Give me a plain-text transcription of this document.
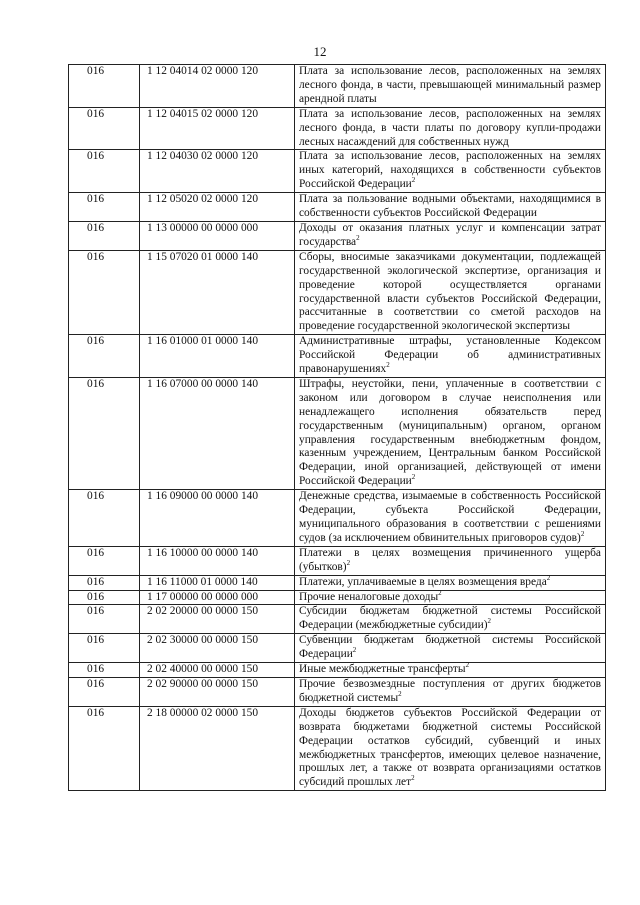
12
016	1 12 04014 02 0000 120	Плата за использование лесов, расположенных на землях лесного фонда, в части, превышающей минимальный размер арендной платы
016	1 12 04015 02 0000 120	Плата за использование лесов, расположенных на землях лесного фонда, в части платы по договору купли-продажи лесных насаждений для собственных нужд
016	1 12 04030 02 0000 120	Плата за использование лесов, расположенных на землях иных категорий, находящихся в собственности субъектов Российской Федерации$^2$
016	1 12 05020 02 0000 120	Плата за пользование водными объектами, находящимися в собственности субъектов Российской Федерации
016	1 13 00000 00 0000 000	Доходы от оказания платных услуг и компенсации затрат государства$^2$
016	1 15 07020 01 0000 140	Сборы, вносимые заказчиками документации, подлежащей государственной экологической экспертизе, организация и проведение которой осуществляется органами государственной власти субъектов Российской Федерации, рассчитанные в соответствии со сметой расходов на проведение государственной экологической экспертизы
016	1 16 01000 01 0000 140	Административные штрафы, установленные Кодексом Российской Федерации об административных правонарушениях$^2$
016	1 16 07000 00 0000 140	Штрафы, неустойки, пени, уплаченные в соответствии с законом или договором в случае неисполнения или ненадлежащего исполнения обязательств перед государственным (муниципальным) органом, органом управления государственным внебюджетным фондом, казенным учреждением, Центральным банком Российской Федерации, иной организацией, действующей от имени Российской Федерации$^2$
016	1 16 09000 00 0000 140	Денежные средства, изымаемые в собственность Российской Федерации, субъекта Российской Федерации, муниципального образования в соответствии с решениями судов (за исключением обвинительных приговоров судов)$^2$
016	1 16 10000 00 0000 140	Платежи в целях возмещения причиненного ущерба (убытков)$^2$
016	1 16 11000 01 0000 140	Платежи, уплачиваемые в целях возмещения вреда$^2$
016	1 17 00000 00 0000 000	Прочие неналоговые доходы$^2$
016	2 02 20000 00 0000 150	Субсидии бюджетам бюджетной системы Российской Федерации (межбюджетные субсидии)$^2$
016	2 02 30000 00 0000 150	Субвенции бюджетам бюджетной системы Российской Федерации$^2$
016	2 02 40000 00 0000 150	Иные межбюджетные трансферты$^2$
016	2 02 90000 00 0000 150	Прочие безвозмездные поступления от других бюджетов бюджетной системы$^2$
016	2 18 00000 02 0000 150	Доходы бюджетов субъектов Российской Федерации от возврата бюджетами бюджетной системы Российской Федерации остатков субсидий, субвенций и иных межбюджетных трансфертов, имеющих целевое назначение, прошлых лет, а также от возврата организациями остатков субсидий прошлых лет$^2$
